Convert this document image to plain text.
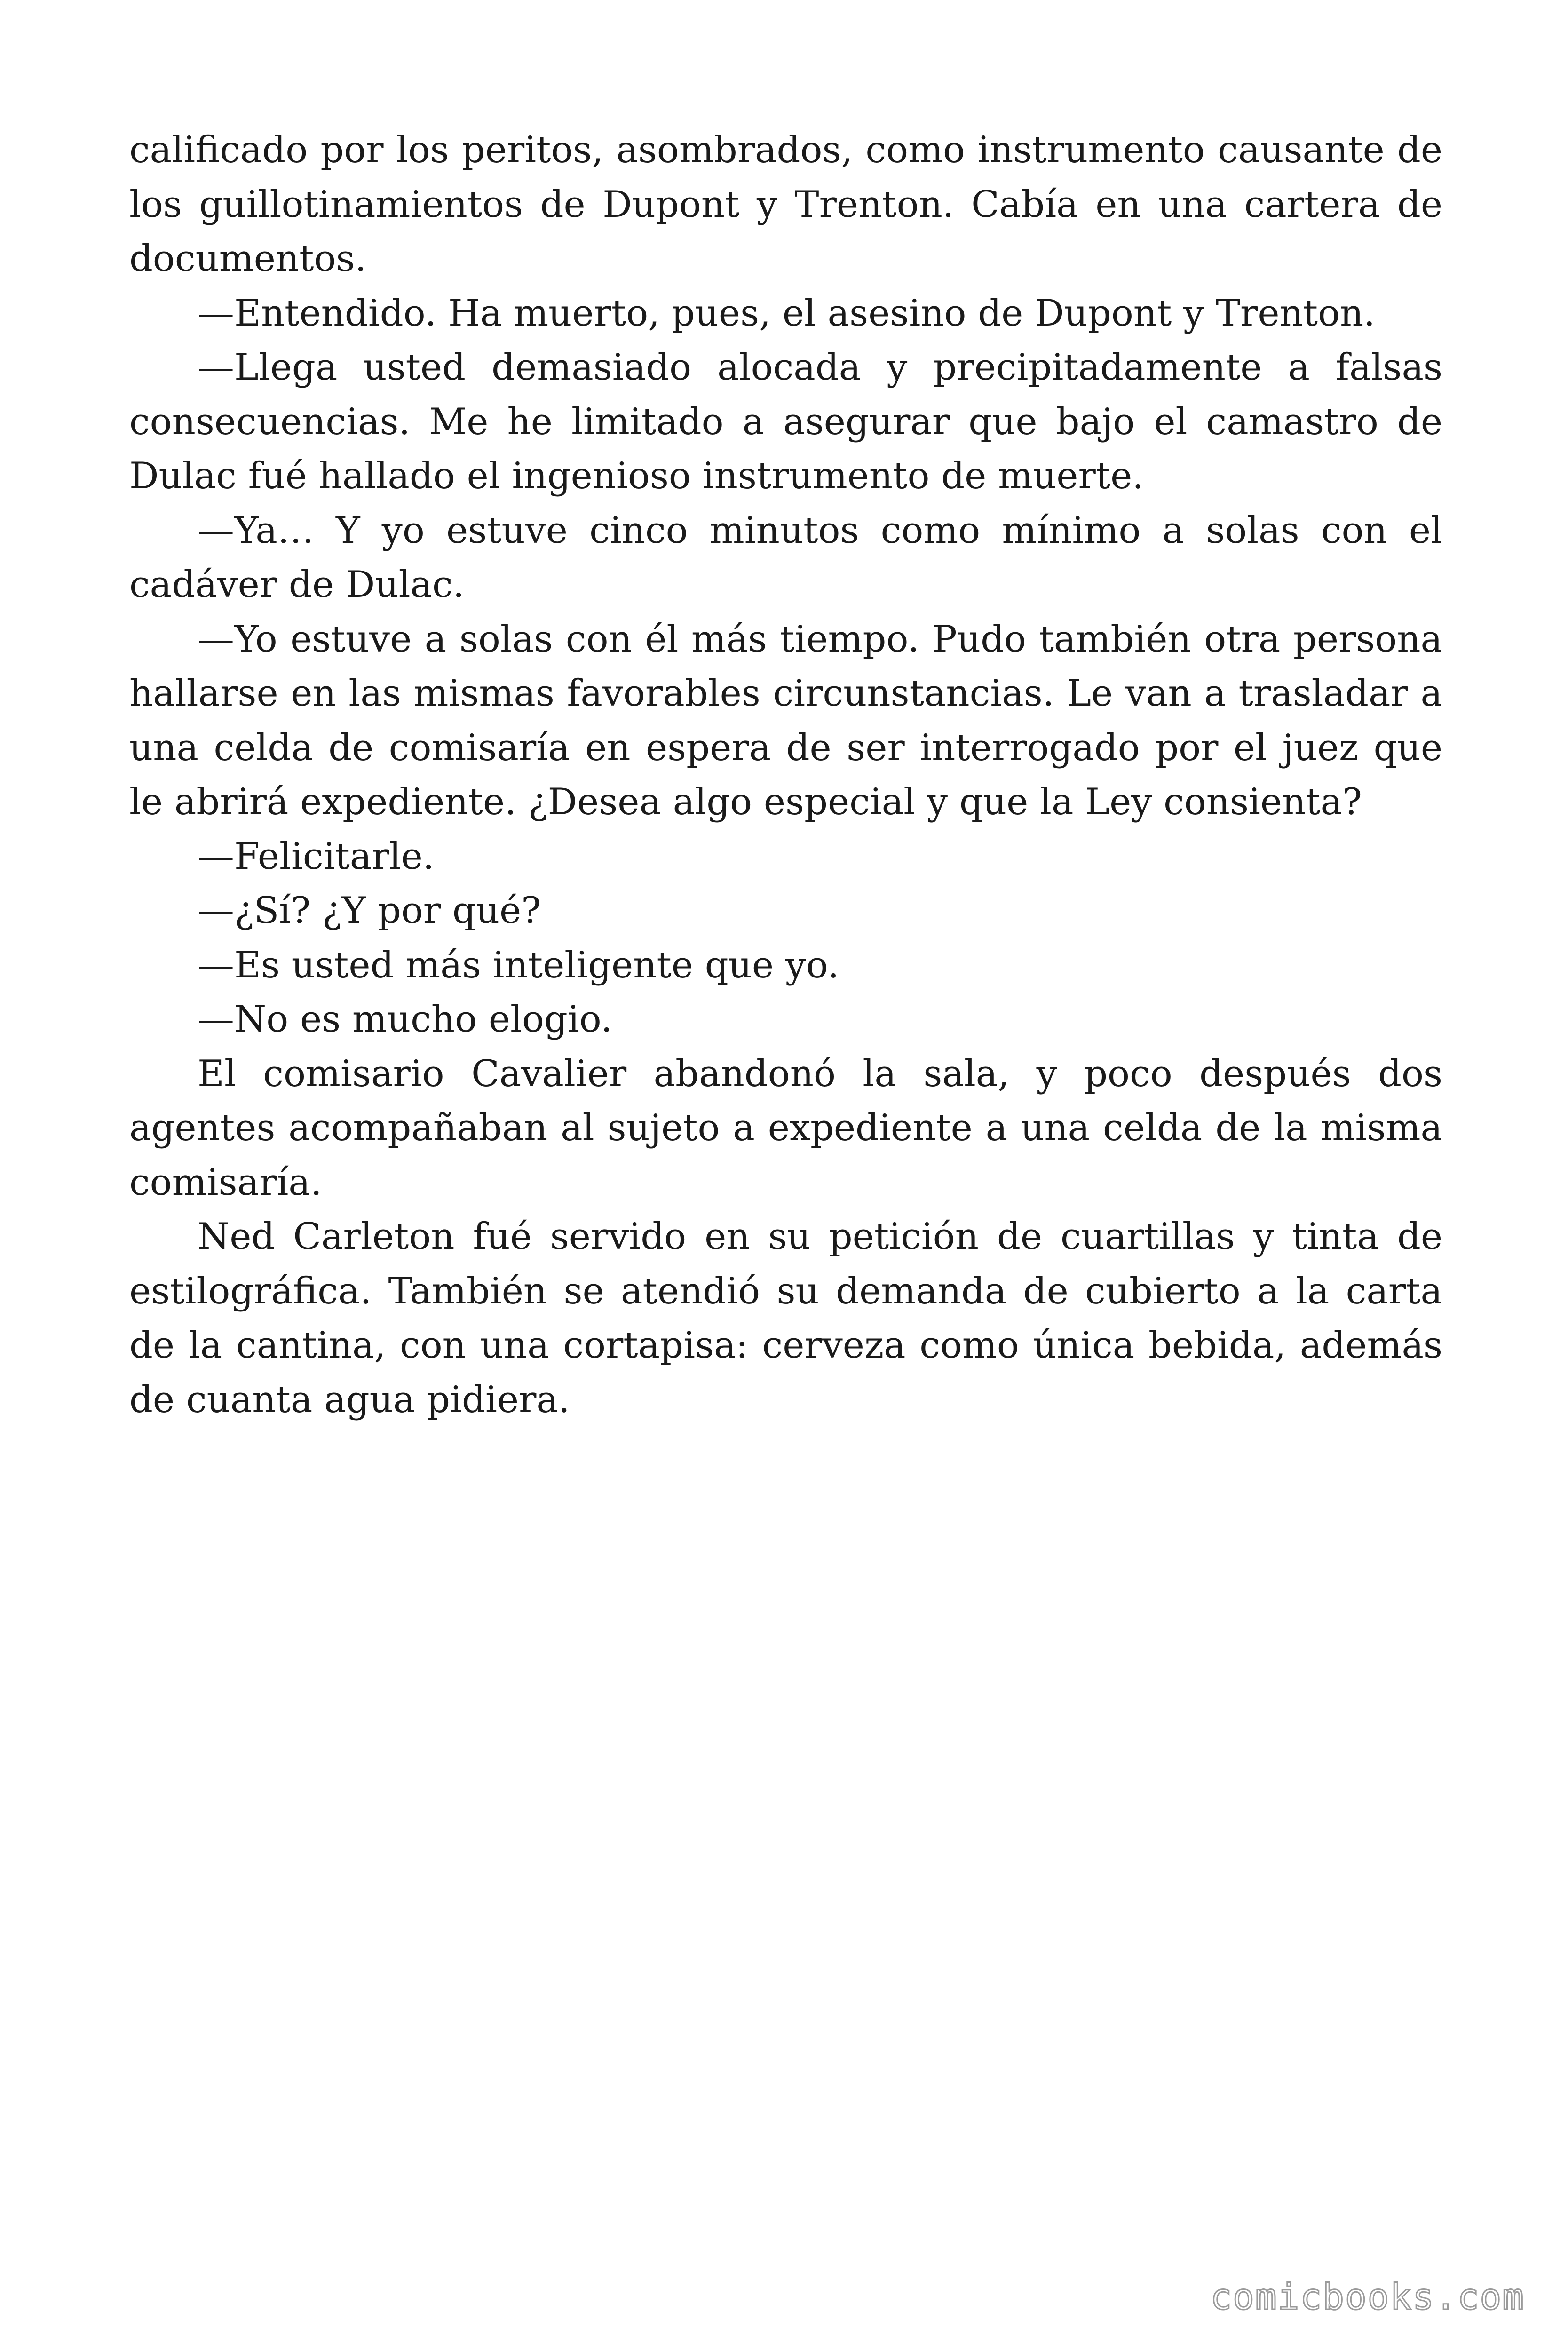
calificado por los peritos, asombrados, como instrumento causante de los guillotinamientos de Dupont y Trenton. Cabía en una cartera de documentos.

—Entendido. Ha muerto, pues, el asesino de Dupont y Trenton.

—Llega usted demasiado alocada y precipitadamente a falsas consecuencias. Me he limitado a asegurar que bajo el camastro de Dulac fué hallado el ingenioso instrumento de muerte.

—Ya… Y yo estuve cinco minutos como mínimo a solas con el cadáver de Dulac.

—Yo estuve a solas con él más tiempo. Pudo también otra persona hallarse en las mismas favorables circunstancias. Le van a trasladar a una celda de comisaría en espera de ser interrogado por el juez que le abrirá expediente. ¿Desea algo especial y que la Ley consienta?

—Felicitarle.

—¿Sí? ¿Y por qué?

—Es usted más inteligente que yo.

—No es mucho elogio.

El comisario Cavalier abandonó la sala, y poco después dos agentes acompañaban al sujeto a expediente a una celda de la misma comisaría.

Ned Carleton fué servido en su petición de cuartillas y tinta de estilográfica. También se atendió su demanda de cubierto a la carta de la cantina, con una cortapisa: cerveza como única bebida, además de cuanta agua pidiera.

comicbooks.com
